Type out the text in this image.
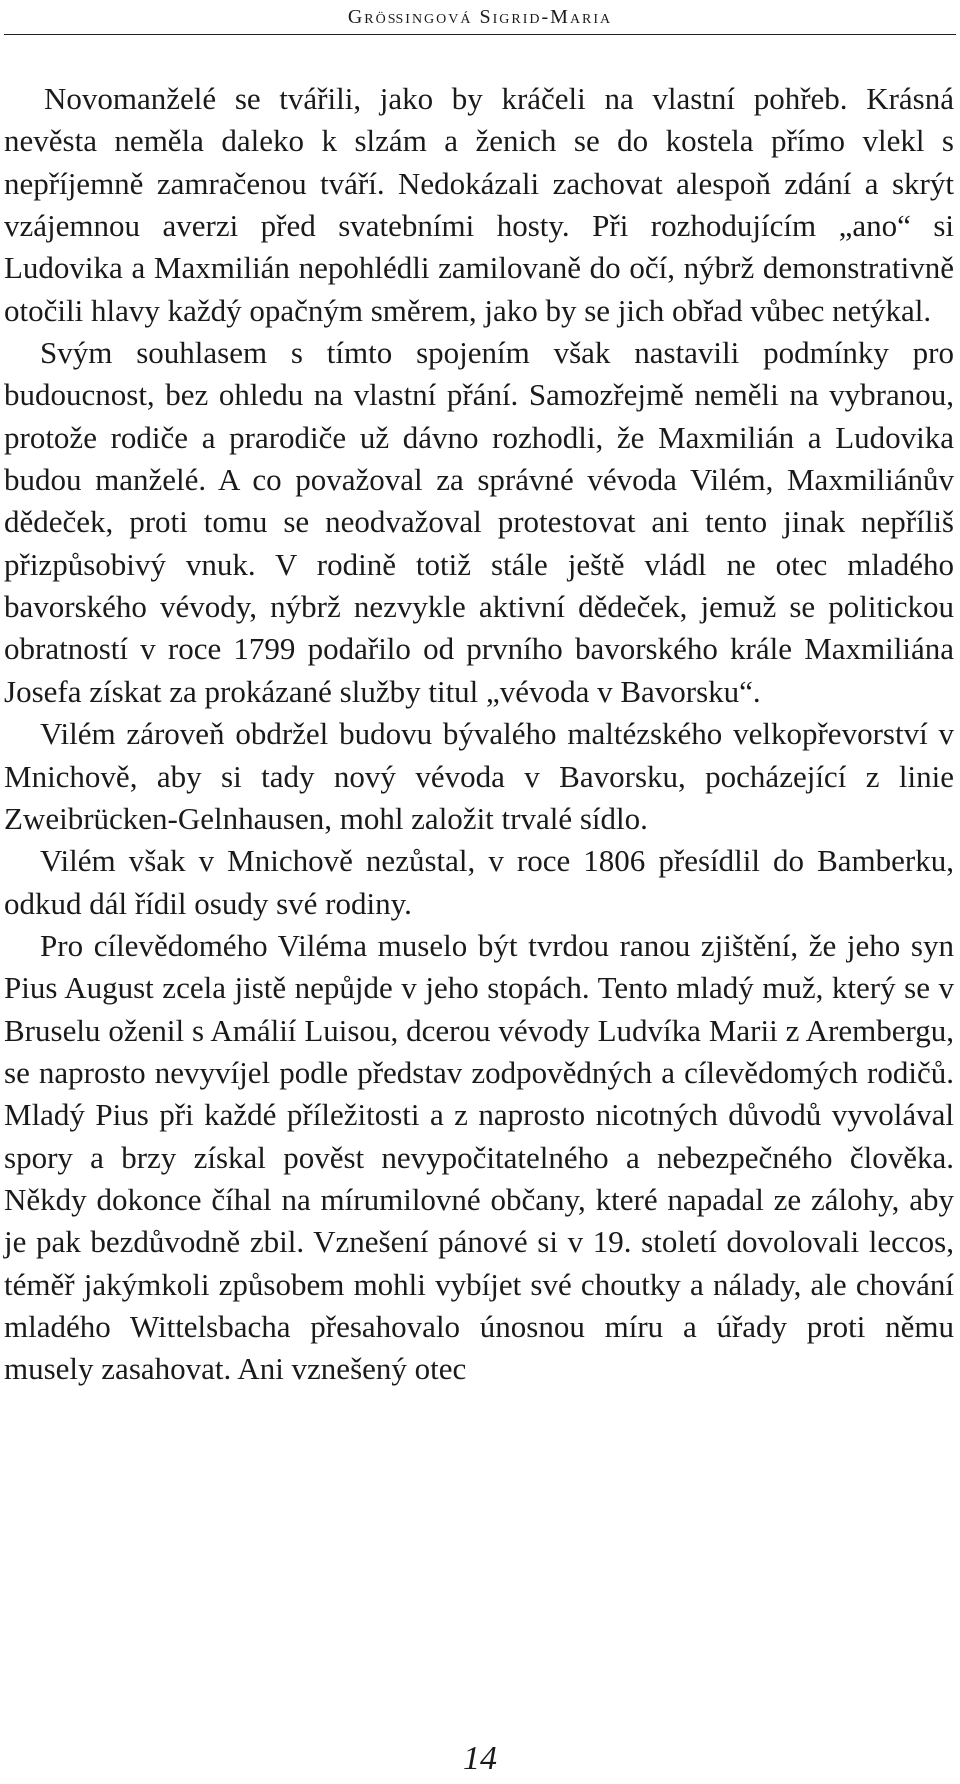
Größingová Sigrid-Maria

Novomanželé se tvářili, jako by kráčeli na vlastní pohřeb. Krásná nevěsta neměla daleko k slzám a ženich se do kostela přímo vlekl s nepříjemně zamračenou tváří. Nedokázali zachovat alespoň zdání a skrýt vzájemnou averzi před svatebními hosty. Při rozhodujícím „ano“ si Ludovika a Maxmilián nepohlédli zamilovaně do očí, nýbrž demonstrativně otočili hlavy každý opačným směrem, jako by se jich obřad vůbec netýkal.

Svým souhlasem s tímto spojením však nastavili podmínky pro budoucnost, bez ohledu na vlastní přání. Samozřejmě neměli na vybranou, protože rodiče a prarodiče už dávno rozhodli, že Maxmilián a Ludovika budou manželé. A co považoval za správné vévoda Vilém, Maxmiliánův dědeček, proti tomu se neodvažoval protestovat ani tento jinak nepříliš přizpůsobivý vnuk. V rodině totiž stále ještě vládl ne otec mladého bavorského vévody, nýbrž nezvykle aktivní dědeček, jemuž se politickou obratností v roce 1799 podařilo od prvního bavorského krále Maxmiliána Josefa získat za prokázané služby titul „vévoda v Bavorsku“.

Vilém zároveň obdržel budovu bývalého maltézského velkopřevorství v Mnichově, aby si tady nový vévoda v Bavorsku, pocházející z linie Zweibrücken-Gelnhausen, mohl založit trvalé sídlo.

Vilém však v Mnichově nezůstal, v roce 1806 přesídlil do Bamberku, odkud dál řídil osudy své rodiny.

Pro cílevědomého Viléma muselo být tvrdou ranou zjištění, že jeho syn Pius August zcela jistě nepůjde v jeho stopách. Tento mladý muž, který se v Bruselu oženil s Amálií Luisou, dcerou vévody Ludvíka Marii z Arembergu, se naprosto nevyvíjel podle představ zodpovědných a cílevědomých rodičů. Mladý Pius při každé příležitosti a z naprosto nicotných důvodů vyvolával spory a brzy získal pověst nevypočitatelného a nebezpečného člověka. Někdy dokonce číhal na mírumilovné občany, které napadal ze zálohy, aby je pak bezdůvodně zbil. Vznešení pánové si v 19. století dovolovali leccos, téměř jakýmkoli způsobem mohli vybíjet své choutky a nálady, ale chování mladého Wittelsbacha přesahovalo únosnou míru a úřady proti němu musely zasahovat. Ani vznešený otec

14
